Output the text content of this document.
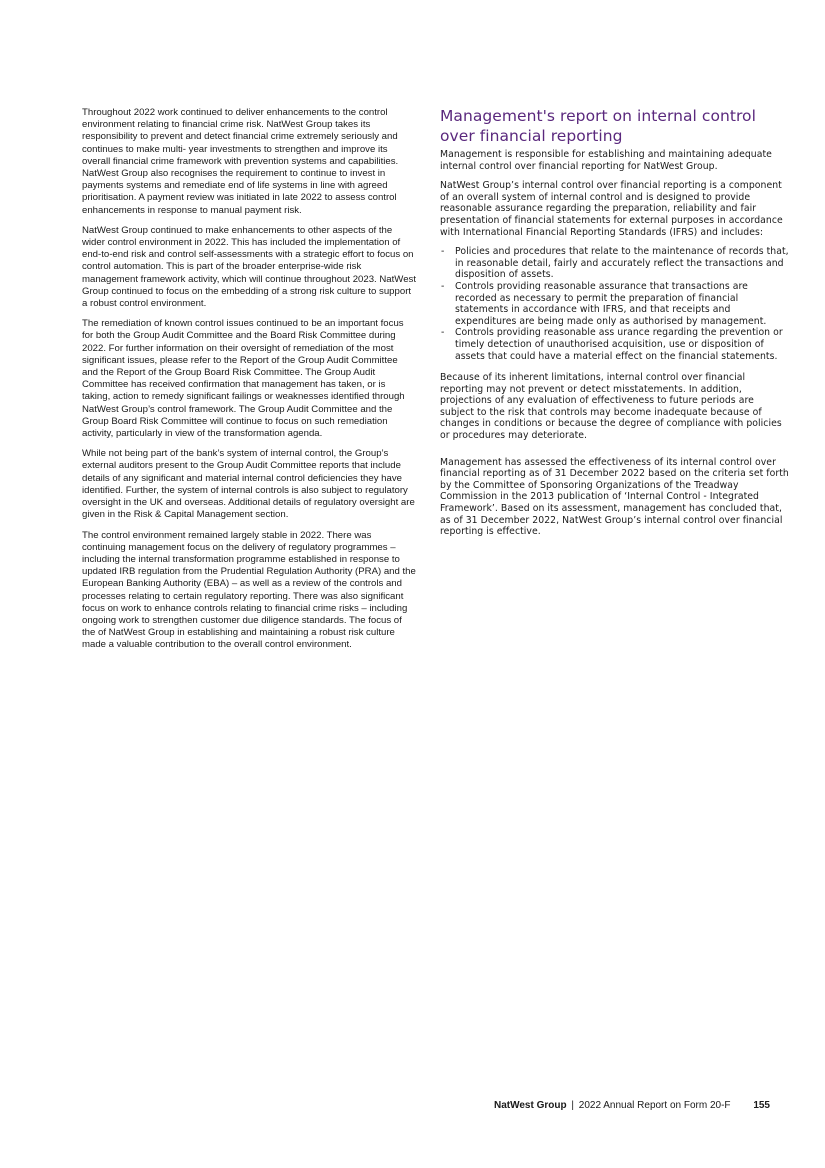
Throughout 2022 work continued to deliver enhancements to the control environment relating to financial crime risk. NatWest Group takes its responsibility to prevent and detect financial crime extremely seriously and continues to make multi- year investments to strengthen and improve its overall financial crime framework with prevention systems and capabilities. NatWest Group also recognises the requirement to continue to invest in payments systems and remediate end of life systems in line with agreed prioritisation. A payment review was initiated in late 2022 to assess control enhancements in response to manual payment risk.

NatWest Group continued to make enhancements to other aspects of the wider control environment in 2022. This has included the implementation of end-to-end risk and control self-assessments with a strategic effort to focus on control automation. This is part of the broader enterprise-wide risk management framework activity, which will continue throughout 2023. NatWest Group continued to focus on the embedding of a strong risk culture to support a robust control environment.

The remediation of known control issues continued to be an important focus for both the Group Audit Committee and the Board Risk Committee during 2022. For further information on their oversight of remediation of the most significant issues, please refer to the Report of the Group Audit Committee and the Report of the Group Board Risk Committee. The Group Audit Committee has received confirmation that management has taken, or is taking, action to remedy significant failings or weaknesses identified through NatWest Group’s control framework. The Group Audit Committee and the Group Board Risk Committee will continue to focus on such remediation activity, particularly in view of the transformation agenda.

While not being part of the bank’s system of internal control, the Group’s external auditors present to the Group Audit Committee reports that include details of any significant and material internal control deficiencies they have identified. Further, the system of internal controls is also subject to regulatory oversight in the UK and overseas. Additional details of regulatory oversight are given in the Risk & Capital Management section.

The control environment remained largely stable in 2022. There was continuing management focus on the delivery of regulatory programmes – including the internal transformation programme established in response to updated IRB regulation from the Prudential Regulation Authority (PRA) and the European Banking Authority (EBA) – as well as a review of the controls and processes relating to certain regulatory reporting. There was also significant focus on work to enhance controls relating to financial crime risks – including ongoing work to strengthen customer due diligence standards. The focus of the of NatWest Group in establishing and maintaining a robust risk culture made a valuable contribution to the overall control environment.

Management's report on internal control over financial reporting

Management is responsible for establishing and maintaining adequate internal control over financial reporting for NatWest Group.

NatWest Group’s internal control over financial reporting is a component of an overall system of internal control and is designed to provide reasonable assurance regarding the preparation, reliability and fair presentation of financial statements for external purposes in accordance with International Financial Reporting Standards (IFRS) and includes:

- Policies and procedures that relate to the maintenance of records that, in reasonable detail, fairly and accurately reflect the transactions and disposition of assets.
- Controls providing reasonable assurance that transactions are recorded as necessary to permit the preparation of financial statements in accordance with IFRS, and that receipts and expenditures are being made only as authorised by management.
- Controls providing reasonable ass urance regarding the prevention or timely detection of unauthorised acquisition, use or disposition of assets that could have a material effect on the financial statements.

Because of its inherent limitations, internal control over financial reporting may not prevent or detect misstatements. In addition, projections of any evaluation of effectiveness to future periods are subject to the risk that controls may become inadequate because of changes in conditions or because the degree of compliance with policies or procedures may deteriorate.

Management has assessed the effectiveness of its internal control over financial reporting as of 31 December 2022 based on the criteria set forth by the Committee of Sponsoring Organizations of the Treadway Commission in the 2013 publication of ‘Internal Control - Integrated Framework’. Based on its assessment, management has concluded that, as of 31 December 2022, NatWest Group’s internal control over financial reporting is effective.

NatWest Group | 2022 Annual Report on Form 20-F 155
